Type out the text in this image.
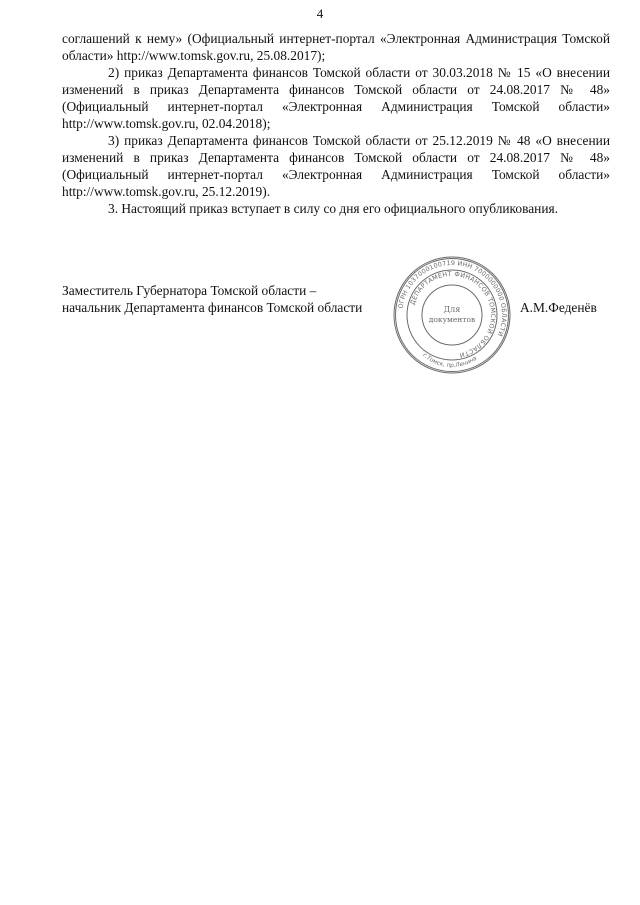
4

соглашений к нему» (Официальный интернет-портал «Электронная Администрация Томской области» http://www.tomsk.gov.ru, 25.08.2017);

2) приказ Департамента финансов Томской области от 30.03.2018 № 15 «О внесении изменений в приказ Департамента финансов Томской области от 24.08.2017 № 48» (Официальный интернет-портал «Электронная Администрация Томской области» http://www.tomsk.gov.ru, 02.04.2018);

3) приказ Департамента финансов Томской области от 25.12.2019 № 48 «О внесении изменений в приказ Департамента финансов Томской области от 24.08.2017 № 48» (Официальный интернет-портал «Электронная Администрация Томской области» http://www.tomsk.gov.ru, 25.12.2019).

3. Настоящий приказ вступает в силу со дня его официального опубликования.

Заместитель Губернатора Томской области –
начальник Департамента финансов Томской области	А.М.Феденёв
ОГРН 1037000100719 ИНН 7000000000 ОБЛАСТИ
ДЕПАРТАМЕНТ ФИНАНСОВ ТОМСКОЙ ОБЛАСТИ
г.Томск, пр.Ленина
Для
документов
